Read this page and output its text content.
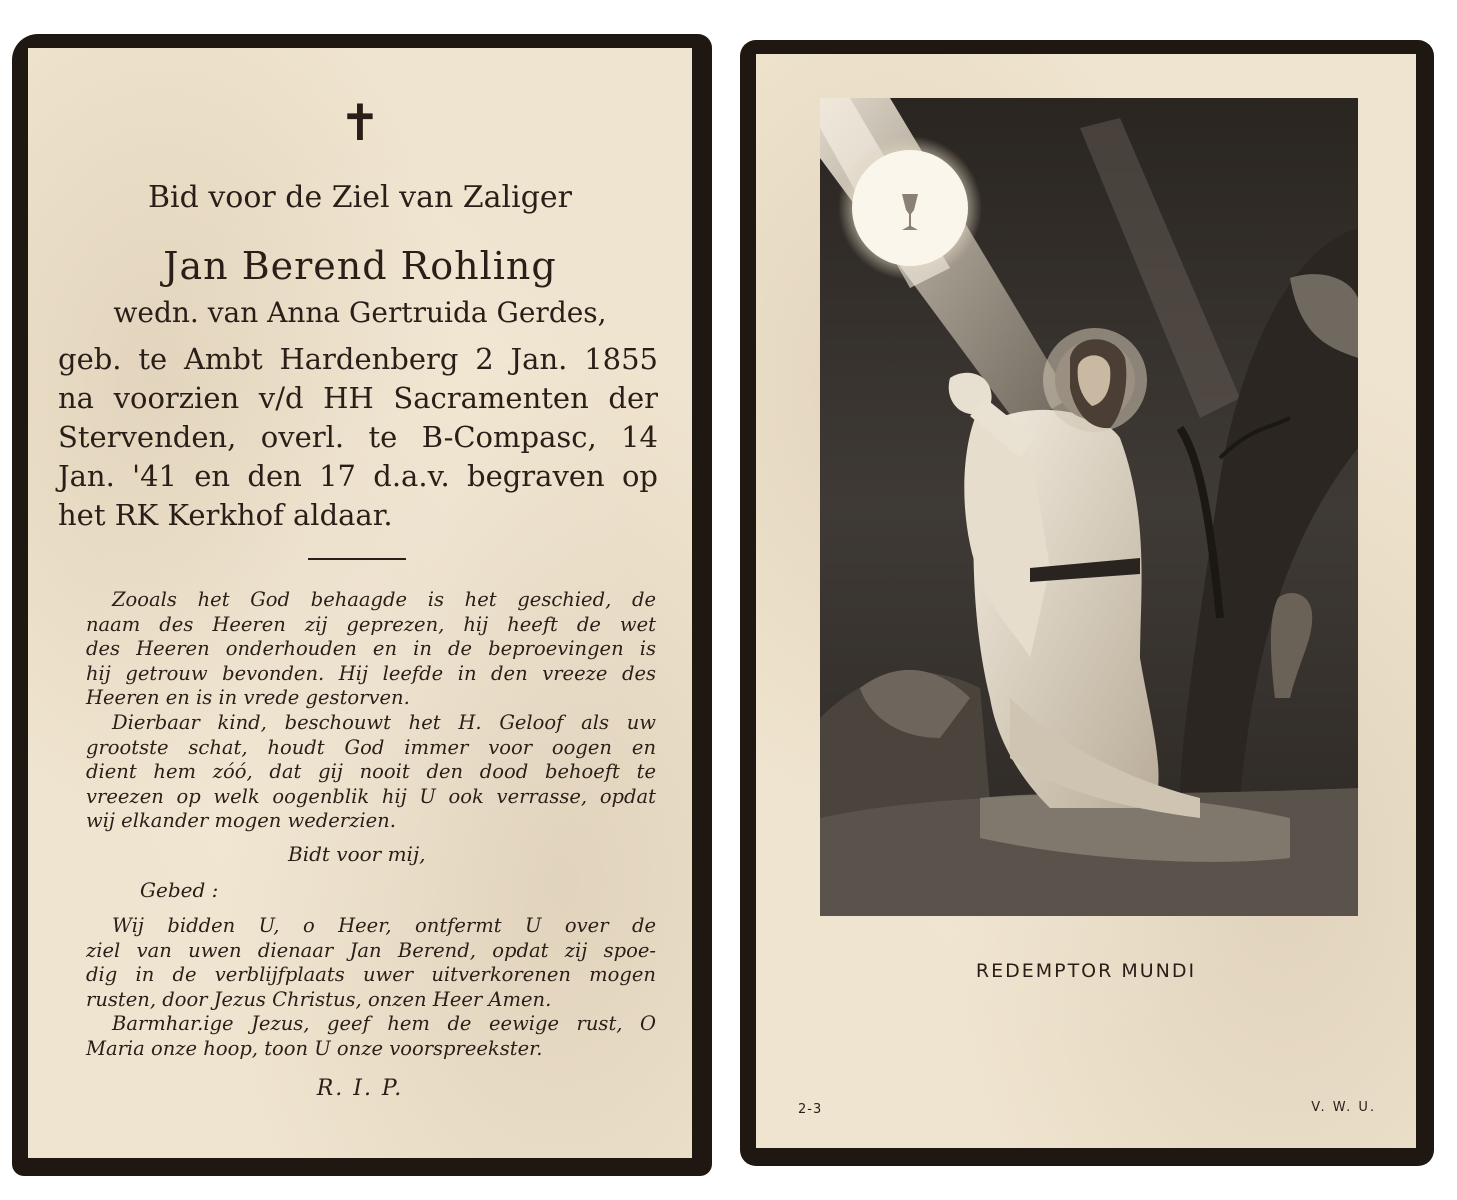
✝
Bid voor de Ziel van Zaliger
Jan Berend Rohling
wedn. van Anna Gertruida Gerdes,
geb. te Ambt Hardenberg 2 Jan. 1855
na voorzien v/d HH Sacramenten der
Stervenden, overl. te B-Compasc, 14
Jan. '41 en den 17 d.a.v. begraven op
het RK Kerkhof aldaar.
Zooals het God behaagde is het geschied, de
naam des Heeren zij geprezen, hij heeft de wet
des Heeren onderhouden en in de beproevingen is
hij getrouw bevonden. Hij leefde in den vreeze des
Heeren en is in vrede gestorven.
Dierbaar kind, beschouwt het H. Geloof als uw
grootste schat, houdt God immer voor oogen en
dient hem zóó, dat gij nooit den dood behoeft te
vreezen op welk oogenblik hij U ook verrasse, opdat
wij elkander mogen wederzien.
Bidt voor mij,
Gebed :
Wij bidden U, o Heer, ontfermt U over de
ziel van uwen dienaar Jan Berend, opdat zij spoe-
dig in de verblijfplaats uwer uitverkorenen mogen
rusten, door Jezus Christus, onzen Heer Amen.
Barmhar.ige Jezus, geef hem de eewige rust, O
Maria onze hoop, toon U onze voorspreekster.
R. I. P.
REDEMPTOR MUNDI
2-3	V. W. U.
